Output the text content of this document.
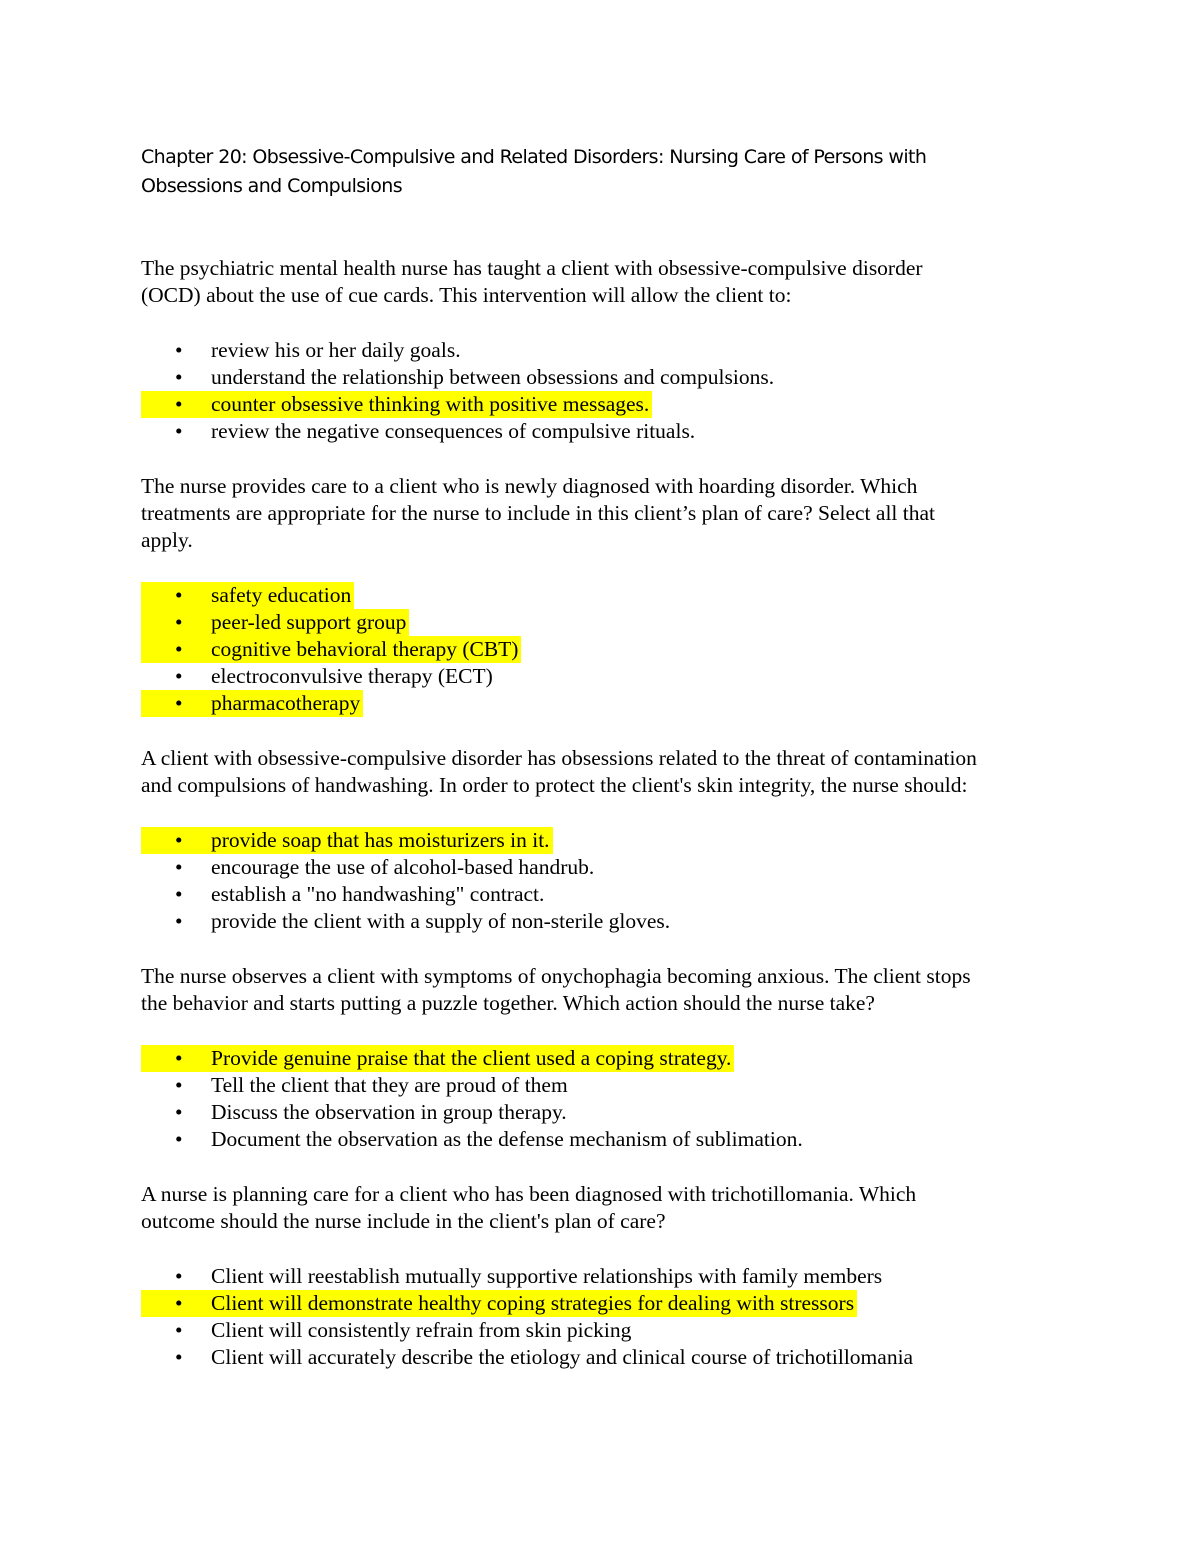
Chapter 20: Obsessive-Compulsive and Related Disorders: Nursing Care of Persons with
Obsessions and Compulsions
The psychiatric mental health nurse has taught a client with obsessive-compulsive disorder
(OCD) about the use of cue cards. This intervention will allow the client to:
• review his or her daily goals.
• understand the relationship between obsessions and compulsions.
• counter obsessive thinking with positive messages.
• review the negative consequences of compulsive rituals.
The nurse provides care to a client who is newly diagnosed with hoarding disorder. Which
treatments are appropriate for the nurse to include in this client’s plan of care? Select all that
apply.
• safety education
• peer-led support group
• cognitive behavioral therapy (CBT)
• electroconvulsive therapy (ECT)
• pharmacotherapy
A client with obsessive-compulsive disorder has obsessions related to the threat of contamination
and compulsions of handwashing. In order to protect the client's skin integrity, the nurse should:
• provide soap that has moisturizers in it.
• encourage the use of alcohol-based handrub.
• establish a "no handwashing" contract.
• provide the client with a supply of non-sterile gloves.
The nurse observes a client with symptoms of onychophagia becoming anxious. The client stops
the behavior and starts putting a puzzle together. Which action should the nurse take?
• Provide genuine praise that the client used a coping strategy.
• Tell the client that they are proud of them
• Discuss the observation in group therapy.
• Document the observation as the defense mechanism of sublimation.
A nurse is planning care for a client who has been diagnosed with trichotillomania. Which
outcome should the nurse include in the client's plan of care?
• Client will reestablish mutually supportive relationships with family members
• Client will demonstrate healthy coping strategies for dealing with stressors
• Client will consistently refrain from skin picking
• Client will accurately describe the etiology and clinical course of trichotillomania
